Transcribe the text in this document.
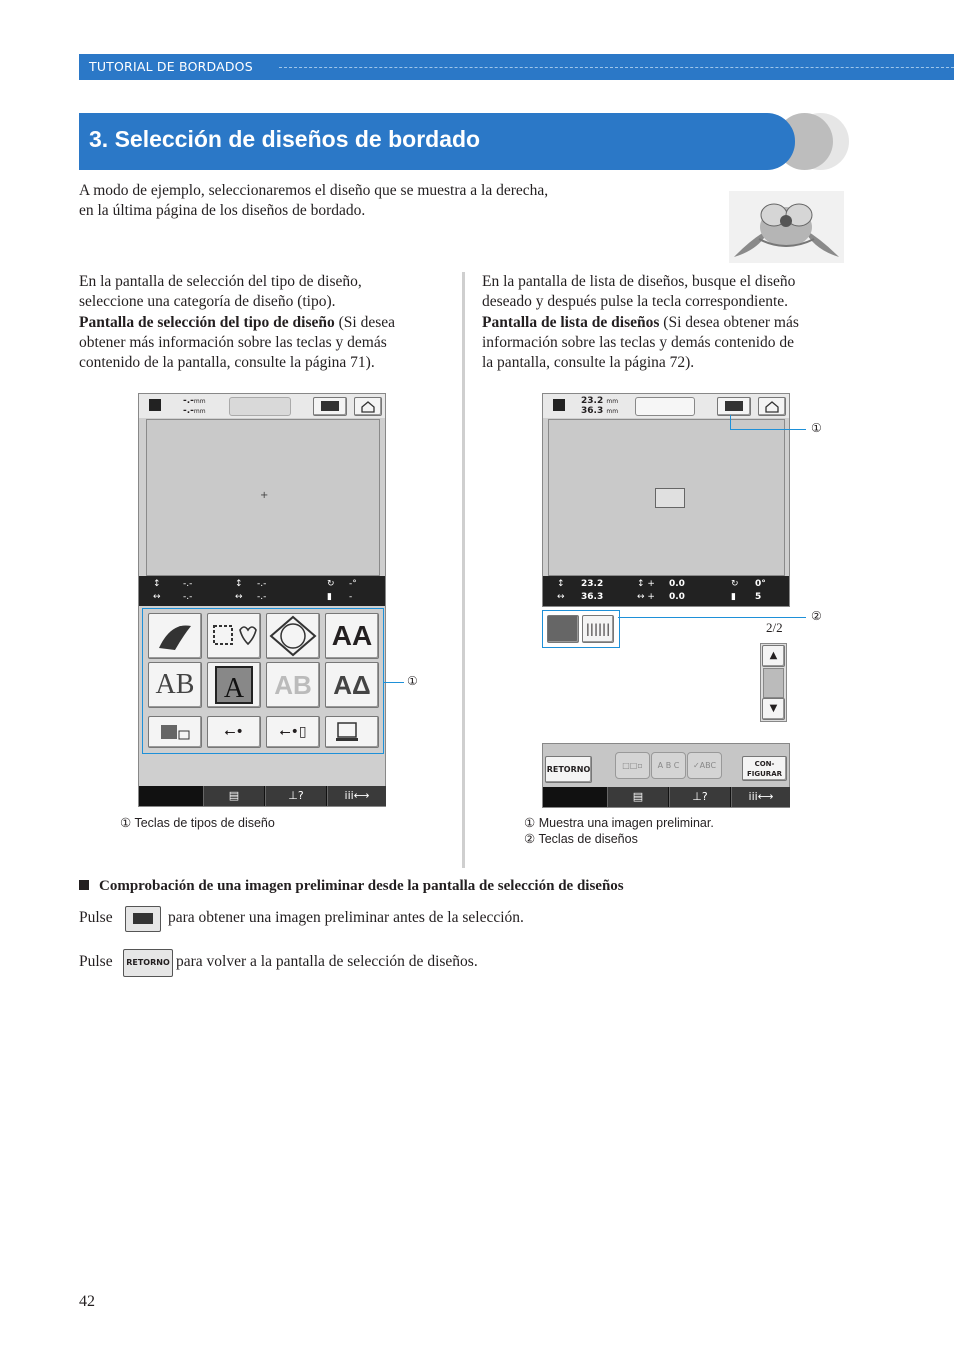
TUTORIAL DE BORDADOS
3. Selección de diseños de bordado

A modo de ejemplo, seleccionaremos el diseño que se muestra a la derecha,

en la última página de los diseños de bordado.

En la pantalla de selección del tipo de diseño,

seleccione una categoría de diseño (tipo).

Pantalla de selección del tipo de diseño (Si desea

obtener más información sobre las teclas y demás

contenido de la pantalla, consulte la página 71).

En la pantalla de lista de diseños, busque el diseño

deseado y después pulse la tecla correspondiente.

Pantalla de lista de diseños (Si desea obtener más

información sobre las teclas y demás contenido de

la pantalla, consulte la página 72).

-.-mm
-.-mm
+
↕ -.-
↔ -.-
↕ -.-
↔ -.-
↻ -°
▮ -
AA
AB A	AB AΔ
⭠•	⭠•▯
▤	⊥?	ⅰⅰⅰ⟷
①
① Teclas de tipos de diseño
23.2 mm
36.3 mm
↕ 23.2
↔ 36.3
↕ + 0.0
↔ + 0.0
↻ 0°
▮ 5
||||||	2/2
▲
▼
①
②
RETORNO	□□▫	A B C	✓ABC	CON-
FIGURAR
▤	⊥?	ⅰⅰⅰ⟷
① Muestra una imagen preliminar.
② Teclas de diseños
Comprobación de una imagen preliminar desde la pantalla de selección de diseños
Pulse	para obtener una imagen preliminar antes de la selección.
Pulse	RETORNO para volver a la pantalla de selección de diseños.
42
